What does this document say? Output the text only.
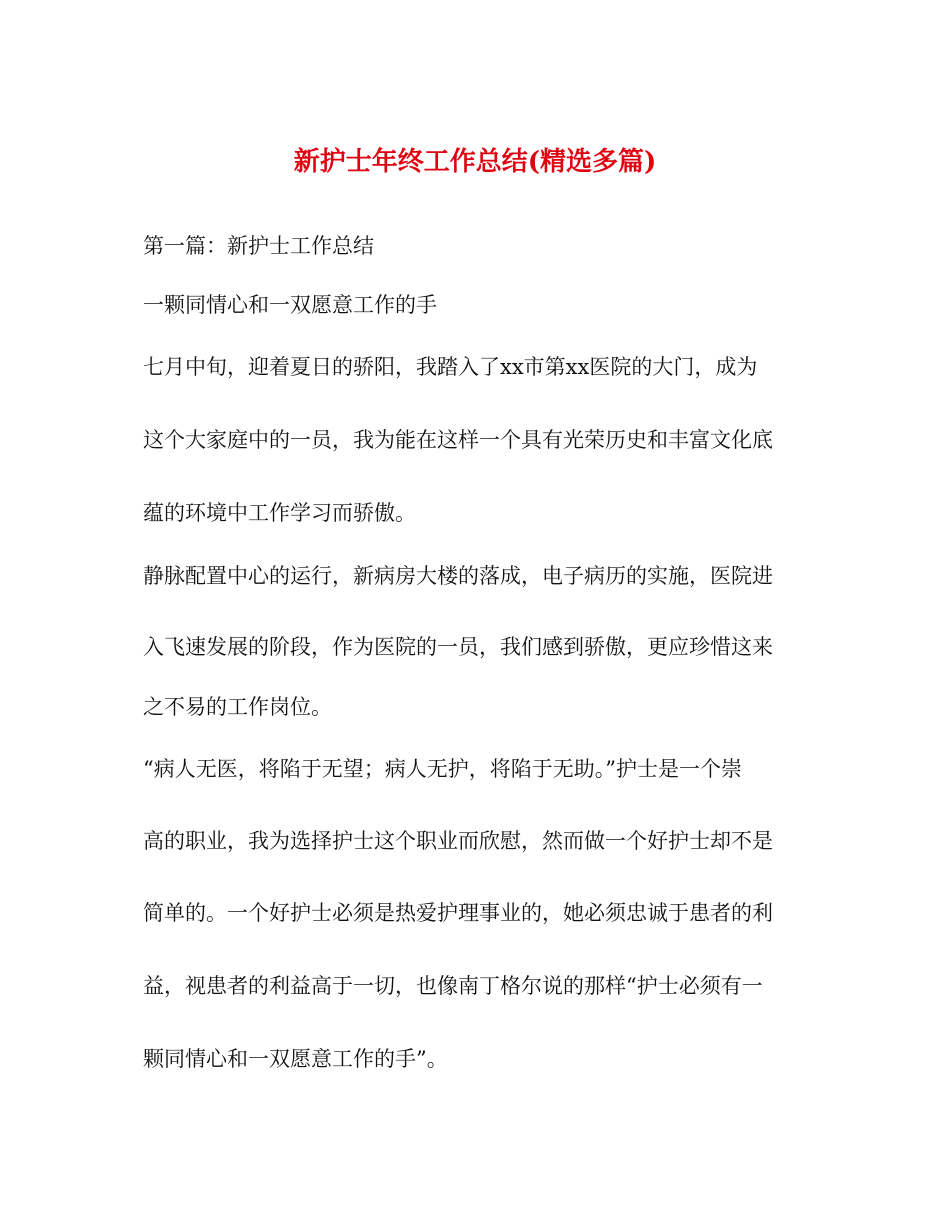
新护士年终工作总结(精选多篇)

第一篇：新护士工作总结

一颗同情心和一双愿意工作的手

七月中旬，迎着夏日的骄阳，我踏入了xx市第xx医院的大门，成为

这个大家庭中的一员，我为能在这样一个具有光荣历史和丰富文化底

蕴的环境中工作学习而骄傲。

静脉配置中心的运行，新病房大楼的落成，电子病历的实施，医院进

入飞速发展的阶段，作为医院的一员，我们感到骄傲，更应珍惜这来

之不易的工作岗位。

“病人无医，将陷于无望；病人无护，将陷于无助。”护士是一个崇

高的职业，我为选择护士这个职业而欣慰，然而做一个好护士却不是

简单的。一个好护士必须是热爱护理事业的，她必须忠诚于患者的利

益，视患者的利益高于一切，也像南丁格尔说的那样“护士必须有一

颗同情心和一双愿意工作的手”。
